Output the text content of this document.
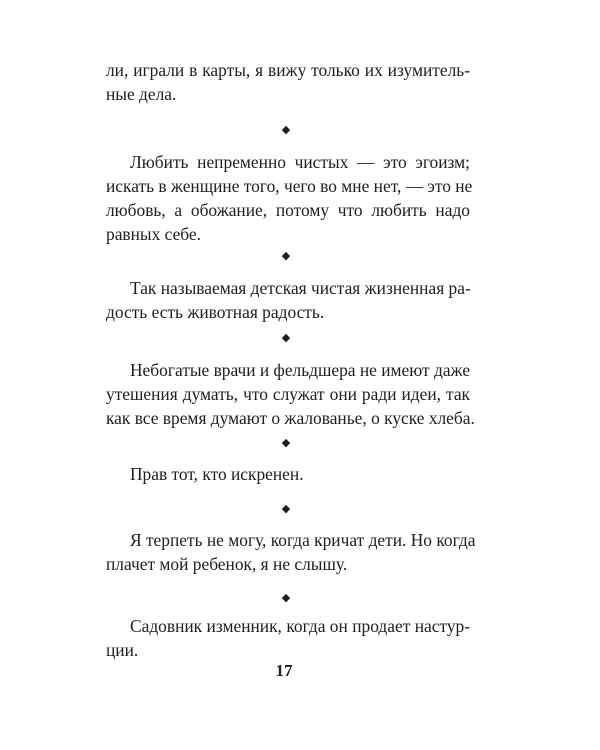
ли, играли в карты, я вижу только их изумитель-
ные дела.
◆
Любить непременно чистых — это эгоизм;
искать в женщине того, чего во мне нет, — это не
любовь, а обожание, потому что любить надо
равных себе.
◆
Так называемая детская чистая жизненная ра-
дость есть животная радость.
◆
Небогатые врачи и фельдшера не имеют даже
утешения думать, что служат они ради идеи, так
как все время думают о жалованье, о куске хлеба.
◆
Прав тот, кто искренен.
◆
Я терпеть не могу, когда кричат дети. Но когда
плачет мой ребенок, я не слышу.
◆
Садовник изменник, когда он продает настур-
ции.
17
